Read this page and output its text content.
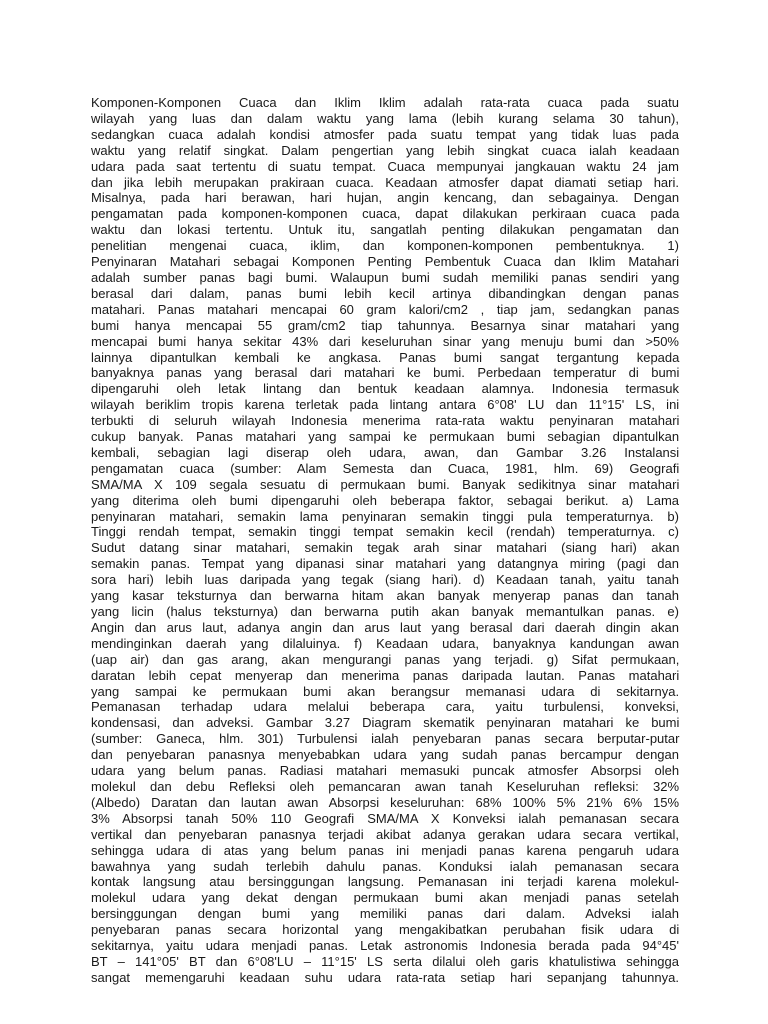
Komponen-Komponen Cuaca dan Iklim Iklim adalah rata-rata cuaca pada suatu
wilayah yang luas dan dalam waktu yang lama (lebih kurang selama 30 tahun),
sedangkan cuaca adalah kondisi atmosfer pada suatu tempat yang tidak luas pada
waktu yang relatif singkat. Dalam pengertian yang lebih singkat cuaca ialah keadaan
udara pada saat tertentu di suatu tempat. Cuaca mempunyai jangkauan waktu 24 jam
dan jika lebih merupakan prakiraan cuaca. Keadaan atmosfer dapat diamati setiap hari.
Misalnya, pada hari berawan, hari hujan, angin kencang, dan sebagainya. Dengan
pengamatan pada komponen-komponen cuaca, dapat dilakukan perkiraan cuaca pada
waktu dan lokasi tertentu. Untuk itu, sangatlah penting dilakukan pengamatan dan
penelitian mengenai cuaca, iklim, dan komponen-komponen pembentuknya. 1)
Penyinaran Matahari sebagai Komponen Penting Pembentuk Cuaca dan Iklim Matahari
adalah sumber panas bagi bumi. Walaupun bumi sudah memiliki panas sendiri yang
berasal dari dalam, panas bumi lebih kecil artinya dibandingkan dengan panas
matahari. Panas matahari mencapai 60 gram kalori/cm2 , tiap jam, sedangkan panas
bumi hanya mencapai 55 gram/cm2 tiap tahunnya. Besarnya sinar matahari yang
mencapai bumi hanya sekitar 43% dari keseluruhan sinar yang menuju bumi dan >50%
lainnya dipantulkan kembali ke angkasa. Panas bumi sangat tergantung kepada
banyaknya panas yang berasal dari matahari ke bumi. Perbedaan temperatur di bumi
dipengaruhi oleh letak lintang dan bentuk keadaan alamnya. Indonesia termasuk
wilayah beriklim tropis karena terletak pada lintang antara 6°08' LU dan 11°15' LS, ini
terbukti di seluruh wilayah Indonesia menerima rata-rata waktu penyinaran matahari
cukup banyak. Panas matahari yang sampai ke permukaan bumi sebagian dipantulkan
kembali, sebagian lagi diserap oleh udara, awan, dan Gambar 3.26 Instalansi
pengamatan cuaca (sumber: Alam Semesta dan Cuaca, 1981, hlm. 69) Geografi
SMA/MA X 109 segala sesuatu di permukaan bumi. Banyak sedikitnya sinar matahari
yang diterima oleh bumi dipengaruhi oleh beberapa faktor, sebagai berikut. a) Lama
penyinaran matahari, semakin lama penyinaran semakin tinggi pula temperaturnya. b)
Tinggi rendah tempat, semakin tinggi tempat semakin kecil (rendah) temperaturnya. c)
Sudut datang sinar matahari, semakin tegak arah sinar matahari (siang hari) akan
semakin panas. Tempat yang dipanasi sinar matahari yang datangnya miring (pagi dan
sora hari) lebih luas daripada yang tegak (siang hari). d) Keadaan tanah, yaitu tanah
yang kasar teksturnya dan berwarna hitam akan banyak menyerap panas dan tanah
yang licin (halus teksturnya) dan berwarna putih akan banyak memantulkan panas. e)
Angin dan arus laut, adanya angin dan arus laut yang berasal dari daerah dingin akan
mendinginkan daerah yang dilaluinya. f) Keadaan udara, banyaknya kandungan awan
(uap air) dan gas arang, akan mengurangi panas yang terjadi. g) Sifat permukaan,
daratan lebih cepat menyerap dan menerima panas daripada lautan. Panas matahari
yang sampai ke permukaan bumi akan berangsur memanasi udara di sekitarnya.
Pemanasan terhadap udara melalui beberapa cara, yaitu turbulensi, konveksi,
kondensasi, dan adveksi. Gambar 3.27 Diagram skematik penyinaran matahari ke bumi
(sumber: Ganeca, hlm. 301) Turbulensi ialah penyebaran panas secara berputar-putar
dan penyebaran panasnya menyebabkan udara yang sudah panas bercampur dengan
udara yang belum panas. Radiasi matahari memasuki puncak atmosfer Absorpsi oleh
molekul dan debu Refleksi oleh pemancaran awan tanah Keseluruhan refleksi: 32%
(Albedo) Daratan dan lautan awan Absorpsi keseluruhan: 68% 100% 5% 21% 6% 15%
3% Absorpsi tanah 50% 110 Geografi SMA/MA X Konveksi ialah pemanasan secara
vertikal dan penyebaran panasnya terjadi akibat adanya gerakan udara secara vertikal,
sehingga udara di atas yang belum panas ini menjadi panas karena pengaruh udara
bawahnya yang sudah terlebih dahulu panas. Konduksi ialah pemanasan secara
kontak langsung atau bersinggungan langsung. Pemanasan ini terjadi karena molekul-
molekul udara yang dekat dengan permukaan bumi akan menjadi panas setelah
bersinggungan dengan bumi yang memiliki panas dari dalam. Adveksi ialah
penyebaran panas secara horizontal yang mengakibatkan perubahan fisik udara di
sekitarnya, yaitu udara menjadi panas. Letak astronomis Indonesia berada pada 94°45'
BT – 141°05' BT dan 6°08'LU – 11°15' LS serta dilalui oleh garis khatulistiwa sehingga
sangat memengaruhi keadaan suhu udara rata-rata setiap hari sepanjang tahunnya.
